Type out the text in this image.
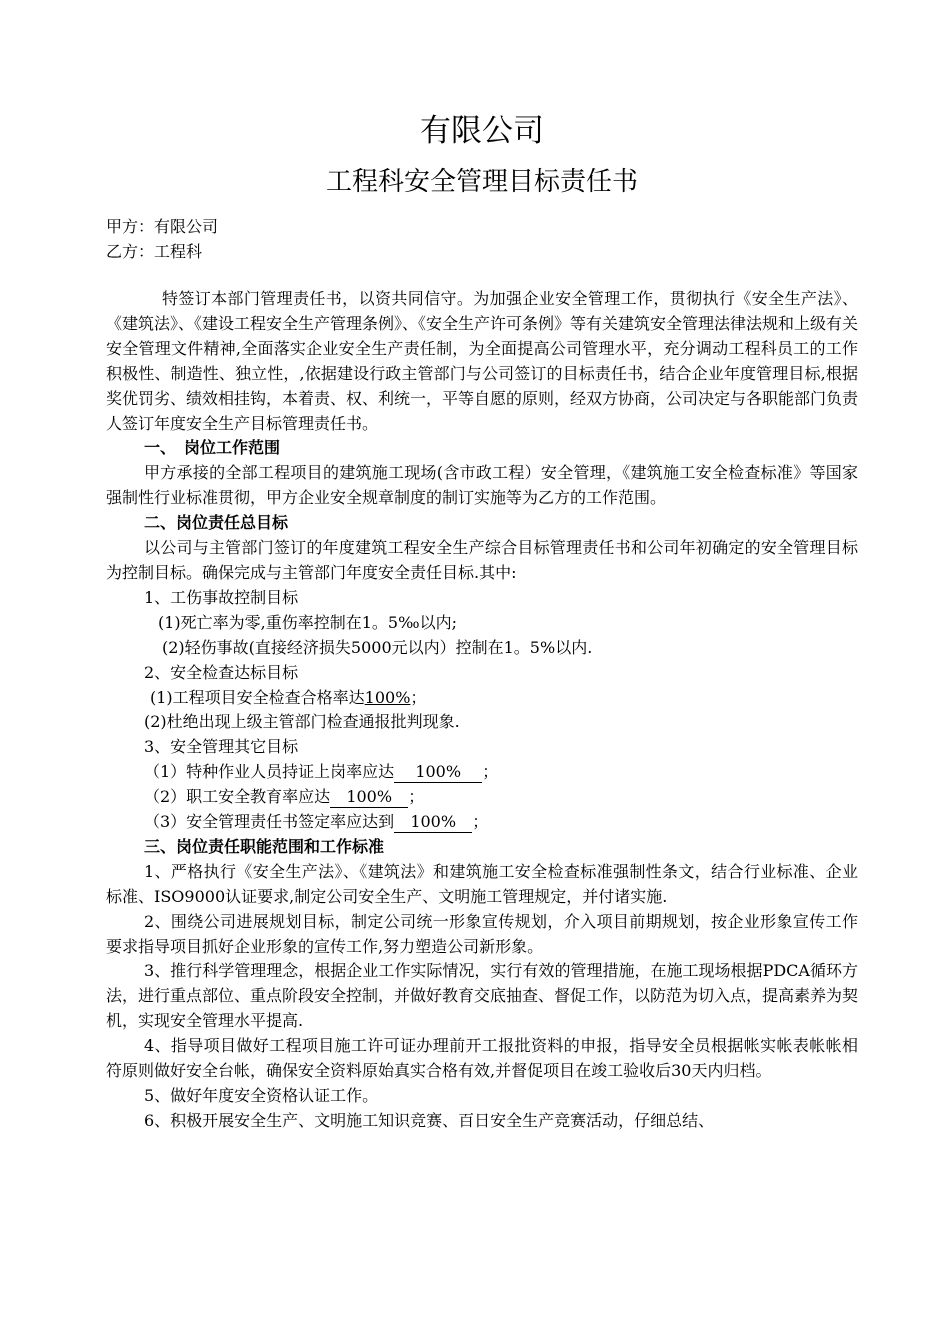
有限公司
工程科安全管理目标责任书
甲方：有限公司
乙方：工程科

特签订本部门管理责任书，以资共同信守。为加强企业安全管理工作，贯彻执行《安全生产法》、《建筑法》、《建设工程安全生产管理条例》、《安全生产许可条例》等有关建筑安全管理法律法规和上级有关安全管理文件精神,全面落实企业安全生产责任制，为全面提高公司管理水平，充分调动工程科员工的工作积极性、制造性、独立性，,依据建设行政主管部门与公司签订的目标责任书，结合企业年度管理目标,根据奖优罚劣、绩效相挂钩，本着责、权、利统一，平等自愿的原则，经双方协商，公司决定与各职能部门负责人签订年度安全生产目标管理责任书。

一、　岗位工作范围

甲方承接的全部工程项目的建筑施工现场(含市政工程）安全管理，《建筑施工安全检查标准》等国家强制性行业标准贯彻，甲方企业安全规章制度的制订实施等为乙方的工作范围。

二、岗位责任总目标

以公司与主管部门签订的年度建筑工程安全生产综合目标管理责任书和公司年初确定的安全管理目标为控制目标。确保完成与主管部门年度安全责任目标.其中:

1、工伤事故控制目标

(1)死亡率为零,重伤率控制在1。5‰以内;

(2)轻伤事故(直接经济损失5000元以内）控制在1。5%以内.

2、安全检查达标目标

(1)工程项目安全检查合格率达100%；

(2)杜绝出现上级主管部门检查通报批判现象.

3、安全管理其它目标

（1）特种作业人员持证上岗率应达 100% ；

（2）职工安全教育率应达 100% ；

（3）安全管理责任书签定率应达到 100% ；

三、岗位责任职能范围和工作标准

1、严格执行《安全生产法》、《建筑法》和建筑施工安全检查标准强制性条文，结合行业标准、企业标准、ISO9000认证要求,制定公司安全生产、文明施工管理规定，并付诸实施.

2、围绕公司进展规划目标，制定公司统一形象宣传规划，介入项目前期规划，按企业形象宣传工作要求指导项目抓好企业形象的宣传工作,努力塑造公司新形象。

3、推行科学管理理念，根据企业工作实际情况，实行有效的管理措施，在施工现场根据PDCA循环方法，进行重点部位、重点阶段安全控制，并做好教育交底抽查、督促工作，以防范为切入点，提高素养为契机，实现安全管理水平提高.

4、指导项目做好工程项目施工许可证办理前开工报批资料的申报，指导安全员根据帐实帐表帐帐相符原则做好安全台帐，确保安全资料原始真实合格有效,并督促项目在竣工验收后30天内归档。

5、做好年度安全资格认证工作。

6、积极开展安全生产、文明施工知识竞赛、百日安全生产竞赛活动，仔细总结、
